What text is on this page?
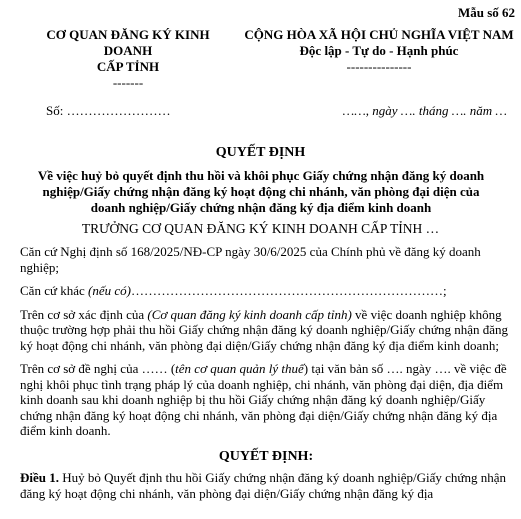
Mẫu số 62
CƠ QUAN ĐĂNG KÝ KINH
DOANH
CẤP TỈNH
-------
CỘNG HÒA XÃ HỘI CHỦ NGHĨA VIỆT NAM
Độc lập - Tự do - Hạnh phúc
---------------
Số: ……………………	……, ngày …. tháng …. năm …
QUYẾT ĐỊNH
Về việc huỷ bỏ quyết định thu hồi và khôi phục Giấy chứng nhận đăng ký doanh
nghiệp/Giấy chứng nhận đăng ký hoạt động chi nhánh, văn phòng đại diện của
doanh nghiệp/Giấy chứng nhận đăng ký địa điểm kinh doanh
TRƯỞNG CƠ QUAN ĐĂNG KÝ KINH DOANH CẤP TỈNH …

Căn cứ Nghị định số 168/2025/NĐ-CP ngày 30/6/2025 của Chính phủ về đăng ký doanh nghiệp;

Căn cứ khác (nếu có)………………………………………………………………;

Trên cơ sở xác định của (Cơ quan đăng ký kinh doanh cấp tỉnh) về việc doanh nghiệp không thuộc trường hợp phải thu hồi Giấy chứng nhận đăng ký doanh nghiệp/Giấy chứng nhận đăng ký hoạt động chi nhánh, văn phòng đại diện/Giấy chứng nhận đăng ký địa điểm kinh doanh;

Trên cơ sở đề nghị của …… (tên cơ quan quản lý thuế) tại văn bản số …. ngày …. về việc đề nghị khôi phục tình trạng pháp lý của doanh nghiệp, chi nhánh, văn phòng đại diện, địa điểm kinh doanh sau khi doanh nghiệp bị thu hồi Giấy chứng nhận đăng ký doanh nghiệp/Giấy chứng nhận đăng ký hoạt động chi nhánh, văn phòng đại diện/Giấy chứng nhận đăng ký địa điểm kinh doanh.

QUYẾT ĐỊNH:

Điều 1. Huỷ bỏ Quyết định thu hồi Giấy chứng nhận đăng ký doanh nghiệp/Giấy chứng nhận đăng ký hoạt động chi nhánh, văn phòng đại diện/Giấy chứng nhận đăng ký địa
